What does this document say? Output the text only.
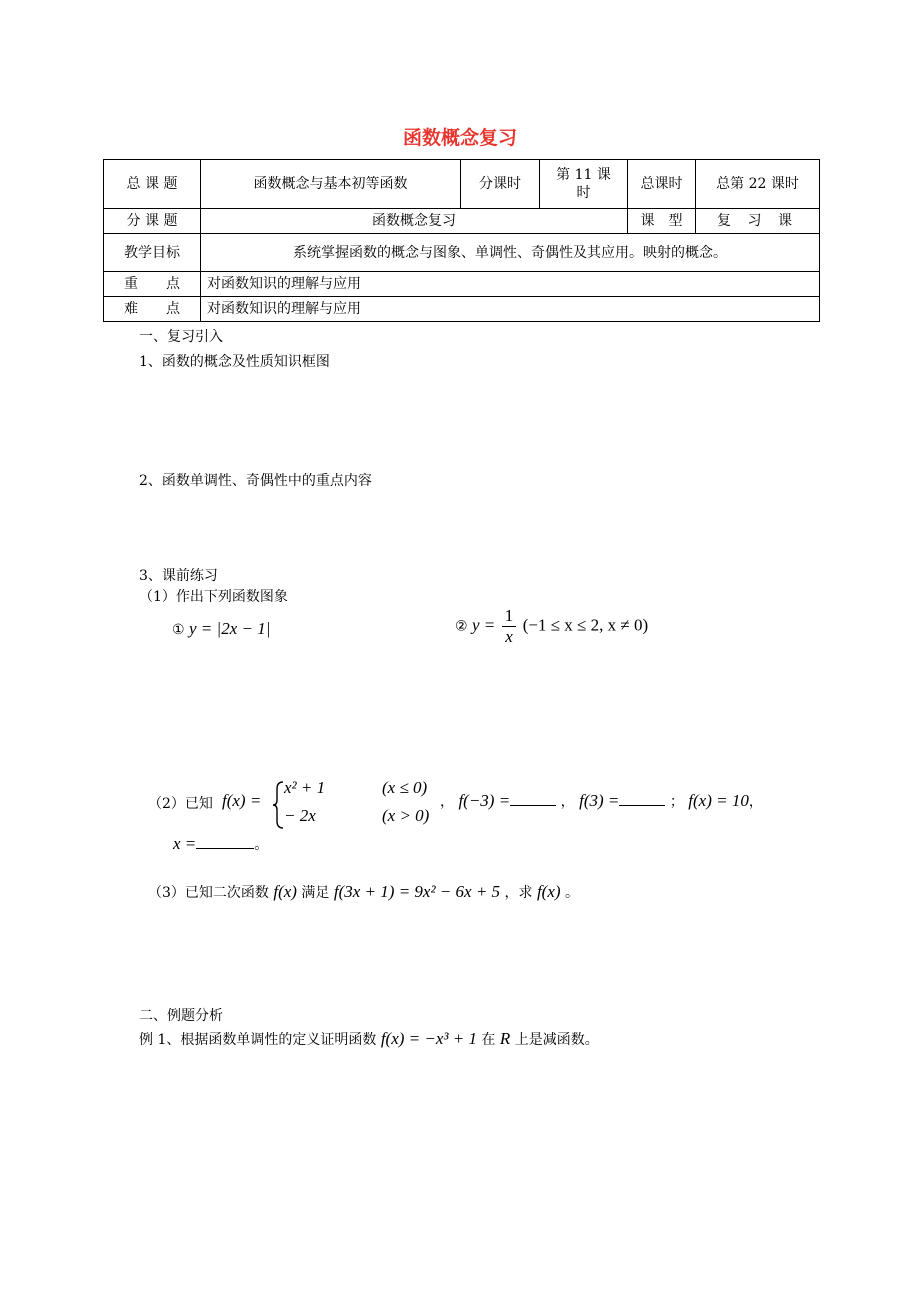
函数概念复习
总 课 题	函数概念与基本初等函数	分课时	第 11 课时	总课时	总第 22 课时
分 课 题	函数概念复习			课　型	复 习 课
教学目标	系统掌握函数的概念与图象、单调性、奇偶性及其应用。映射的概念。				
重　　点	对函数知识的理解与应用				
难　　点	对函数知识的理解与应用				
一、复习引入
1、函数的概念及性质知识框图
2、函数单调性、奇偶性中的重点内容
3、课前练习
（1）作出下列函数图象
① y = |2x − 1|	② $y = \frac{1}{x} (-1 \le x \le 2$, x ≠ 0)
（2）已知 f(x) =
x² + 1	(x ≤ 0)
− 2x	(x > 0)
， f(−3) =	， f(3) =	； f(x) = 10，
x =	。
（3）已知二次函数 f(x) 满足 f(3x + 1) = 9x² − 6x + 5 ，求 f(x) 。
二、例题分析
例 1、根据函数单调性的定义证明函数 f(x) = −x³ + 1 在 R 上是减函数。
